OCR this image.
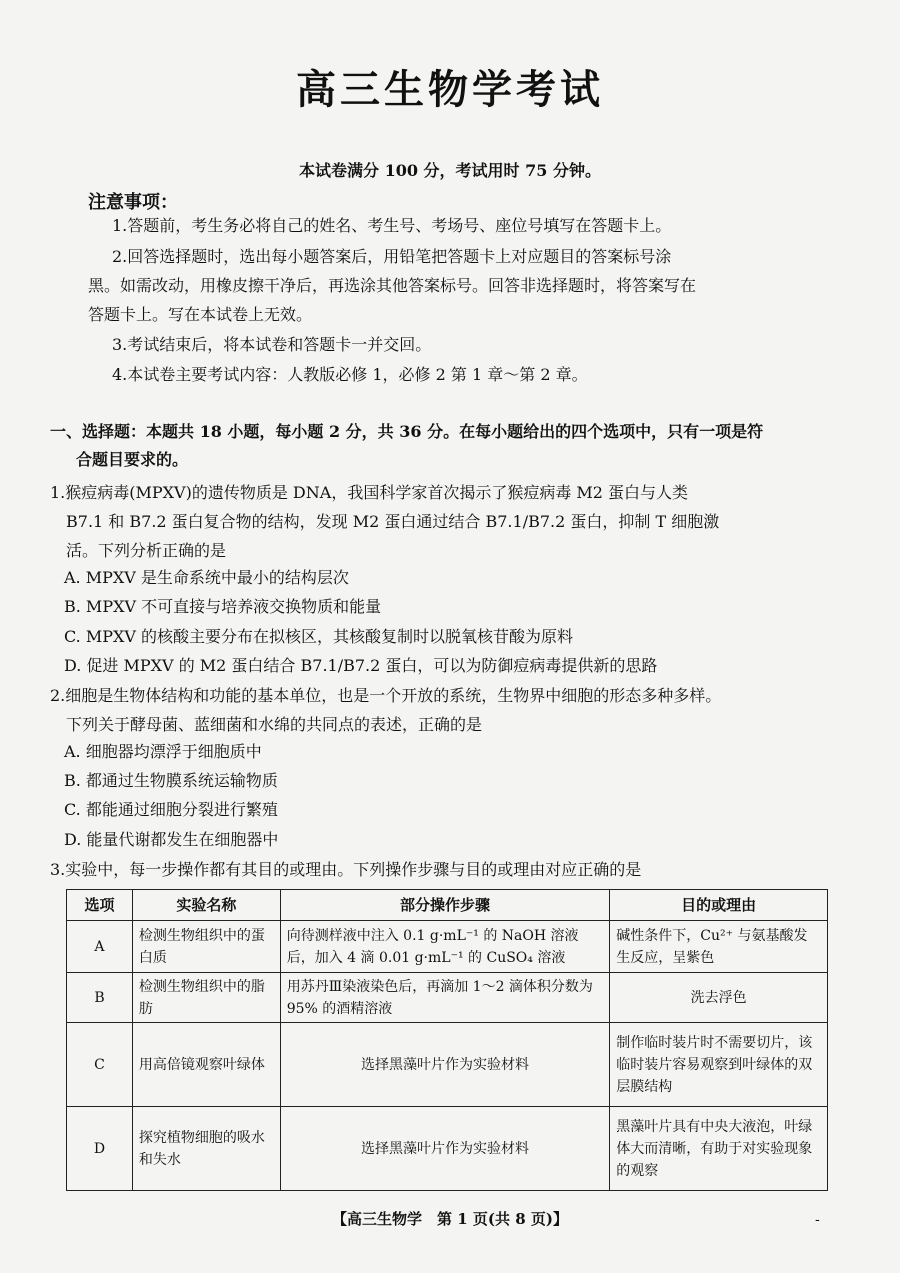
高三生物学考试
本试卷满分 100 分，考试用时 75 分钟。
注意事项：
1.答题前，考生务必将自己的姓名、考生号、考场号、座位号填写在答题卡上。
2.回答选择题时，选出每小题答案后，用铅笔把答题卡上对应题目的答案标号涂
黑。如需改动，用橡皮擦干净后，再选涂其他答案标号。回答非选择题时，将答案写在
答题卡上。写在本试卷上无效。
3.考试结束后，将本试卷和答题卡一并交回。
4.本试卷主要考试内容：人教版必修 1，必修 2 第 1 章～第 2 章。
一、选择题：本题共 18 小题，每小题 2 分，共 36 分。在每小题给出的四个选项中，只有一项是符
合题目要求的。
1.猴痘病毒(MPXV)的遗传物质是 DNA，我国科学家首次揭示了猴痘病毒 M2 蛋白与人类
B7.1 和 B7.2 蛋白复合物的结构，发现 M2 蛋白通过结合 B7.1/B7.2 蛋白，抑制 T 细胞激
活。下列分析正确的是
A. MPXV 是生命系统中最小的结构层次
B. MPXV 不可直接与培养液交换物质和能量
C. MPXV 的核酸主要分布在拟核区，其核酸复制时以脱氧核苷酸为原料
D. 促进 MPXV 的 M2 蛋白结合 B7.1/B7.2 蛋白，可以为防御痘病毒提供新的思路
2.细胞是生物体结构和功能的基本单位，也是一个开放的系统，生物界中细胞的形态多种多样。
下列关于酵母菌、蓝细菌和水绵的共同点的表述，正确的是
A. 细胞器均漂浮于细胞质中
B. 都通过生物膜系统运输物质
C. 都能通过细胞分裂进行繁殖
D. 能量代谢都发生在细胞器中
3.实验中，每一步操作都有其目的或理由。下列操作步骤与目的或理由对应正确的是
选项	实验名称	部分操作步骤	目的或理由
A	检测生物组织中的蛋白质	向待测样液中注入 0.1 g·mL⁻¹ 的 NaOH 溶液后，加入 4 滴 0.01 g·mL⁻¹ 的 CuSO₄ 溶液	碱性条件下，Cu²⁺ 与氨基酸发生反应，呈紫色
B	检测生物组织中的脂肪	用苏丹Ⅲ染液染色后，再滴加 1～2 滴体积分数为 95% 的酒精溶液	洗去浮色
C	用高倍镜观察叶绿体	选择黑藻叶片作为实验材料	制作临时装片时不需要切片，该临时装片容易观察到叶绿体的双层膜结构
D	探究植物细胞的吸水和失水	选择黑藻叶片作为实验材料	黑藻叶片具有中央大液泡，叶绿体大而清晰，有助于对实验现象的观察
【高三生物学　第 1 页(共 8 页)】	-
